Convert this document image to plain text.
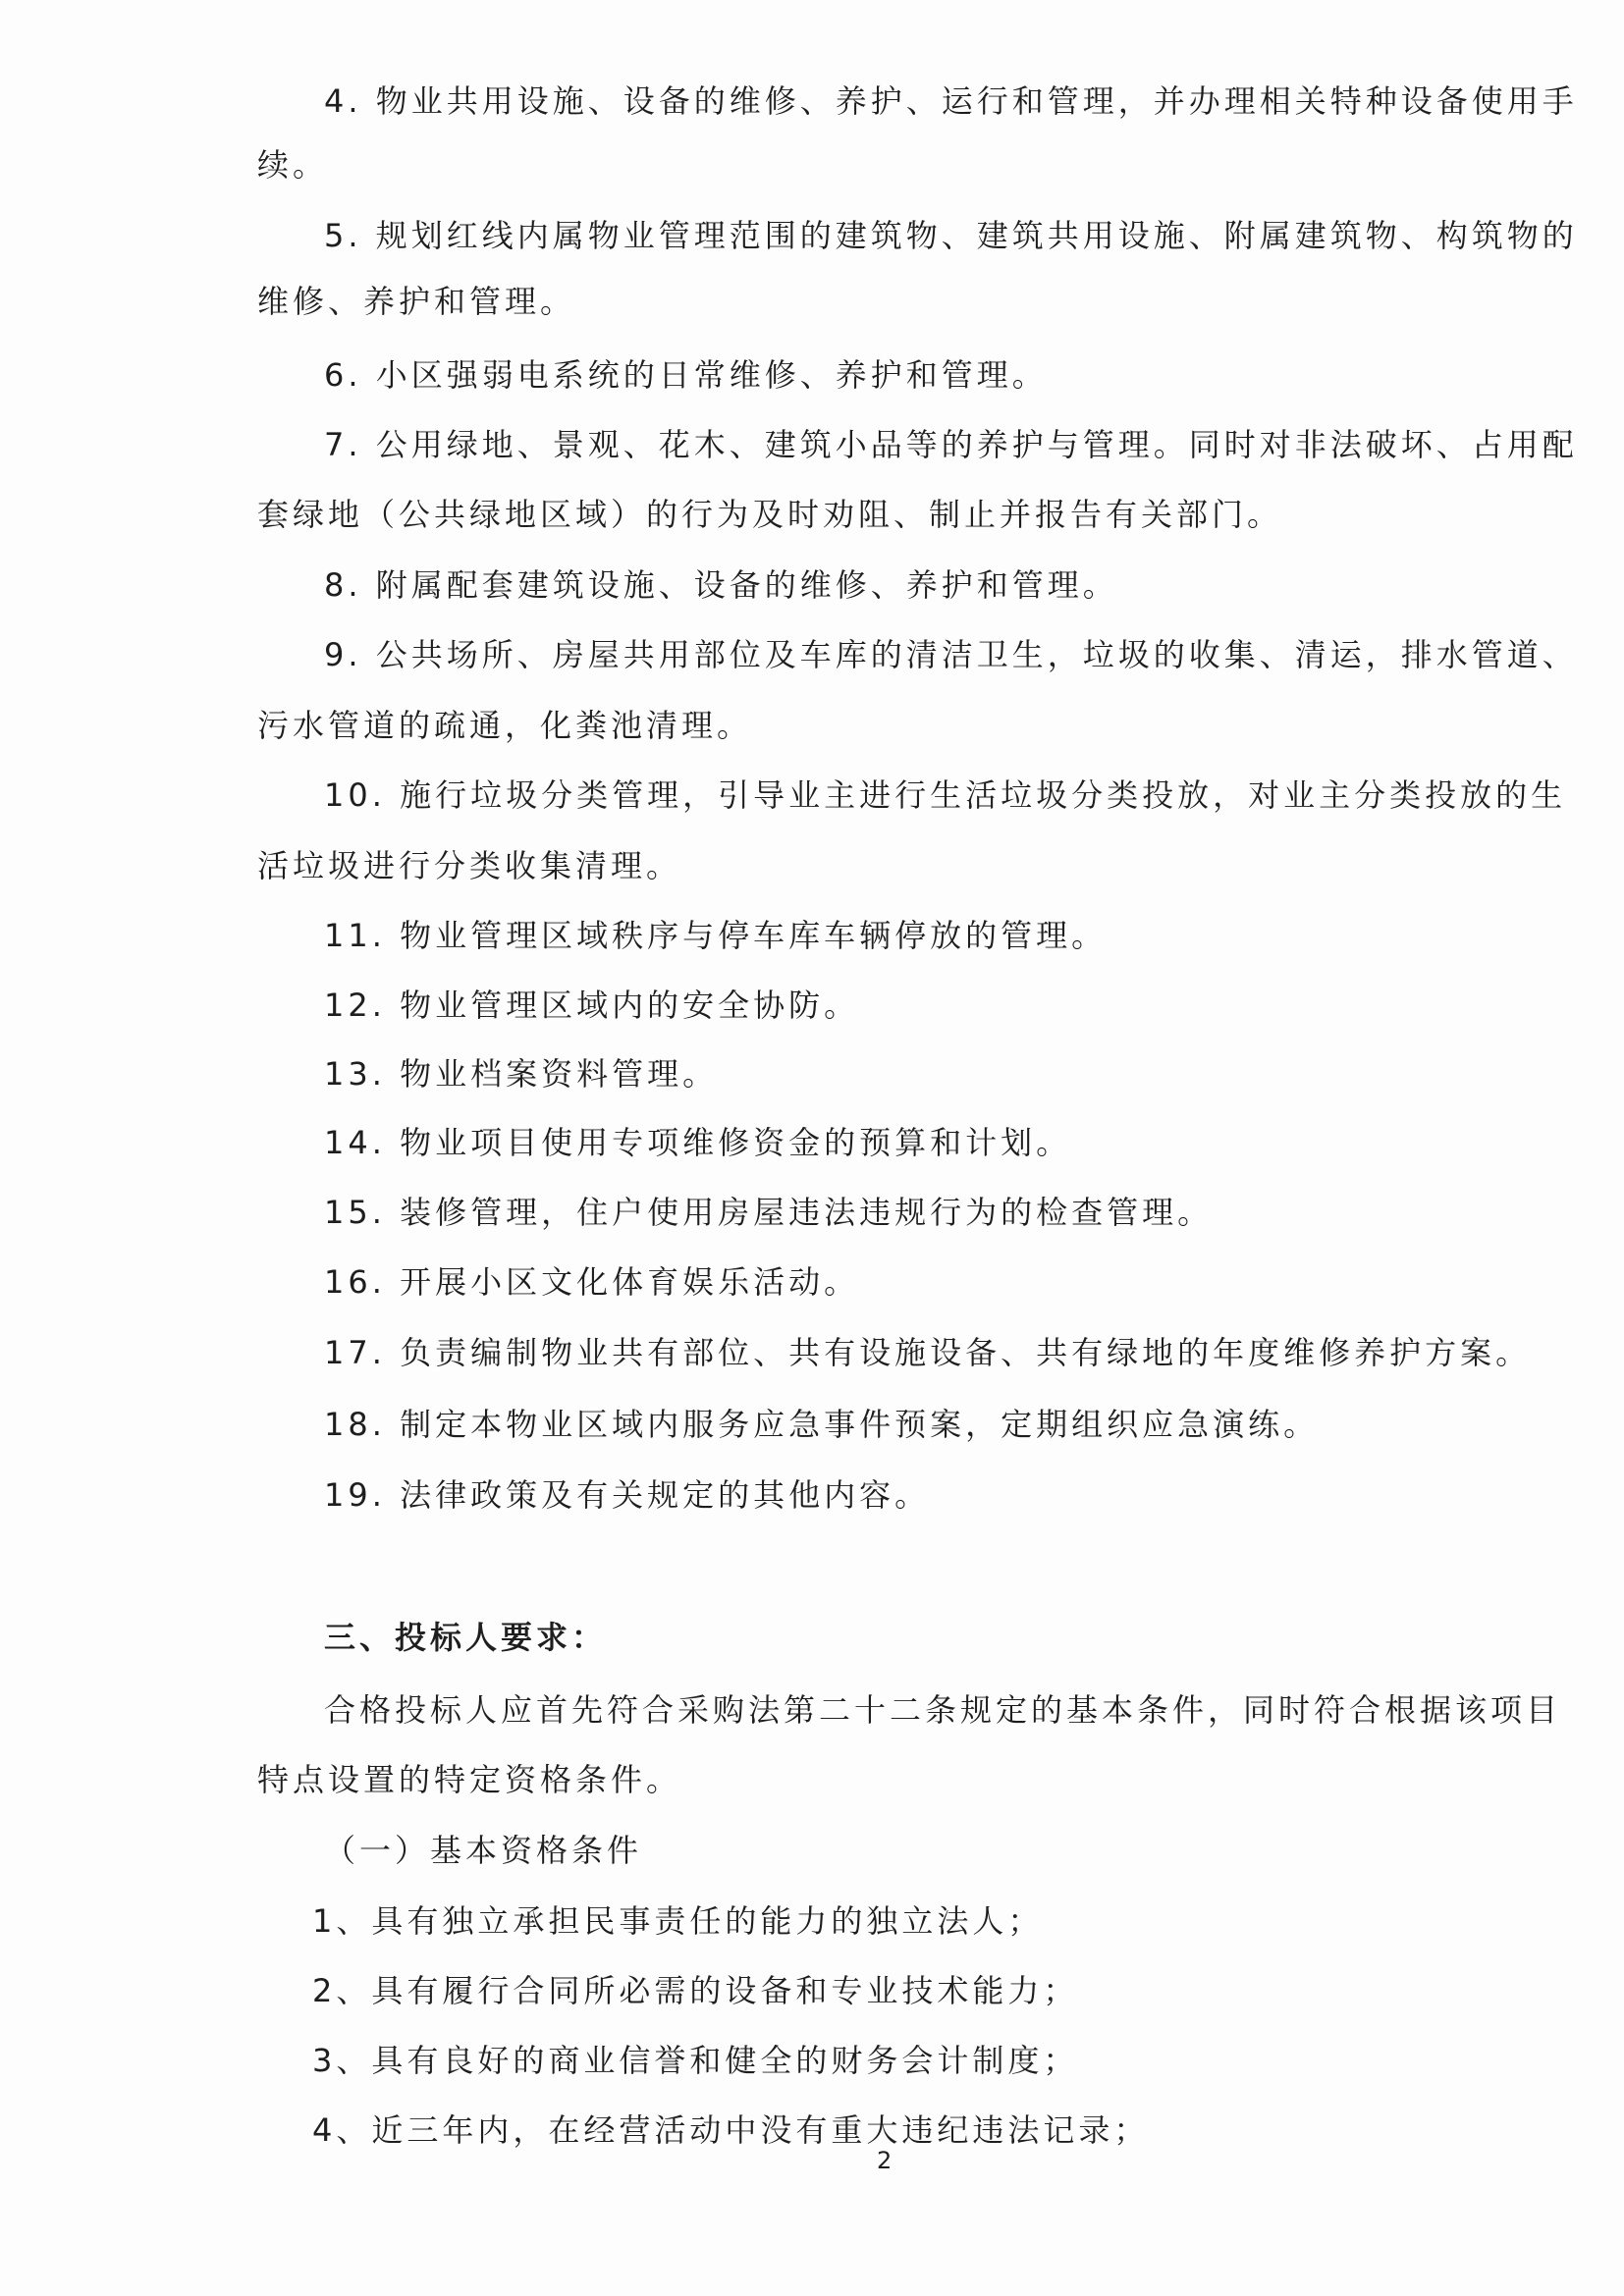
4. 物业共用设施、设备的维修、养护、运行和管理，并办理相关特种设备使用手

续。

5. 规划红线内属物业管理范围的建筑物、建筑共用设施、附属建筑物、构筑物的

维修、养护和管理。

6. 小区强弱电系统的日常维修、养护和管理。

7. 公用绿地、景观、花木、建筑小品等的养护与管理。同时对非法破坏、占用配

套绿地（公共绿地区域）的行为及时劝阻、制止并报告有关部门。

8. 附属配套建筑设施、设备的维修、养护和管理。

9. 公共场所、房屋共用部位及车库的清洁卫生，垃圾的收集、清运，排水管道、

污水管道的疏通，化粪池清理。

10. 施行垃圾分类管理，引导业主进行生活垃圾分类投放，对业主分类投放的生

活垃圾进行分类收集清理。

11. 物业管理区域秩序与停车库车辆停放的管理。

12. 物业管理区域内的安全协防。

13. 物业档案资料管理。

14. 物业项目使用专项维修资金的预算和计划。

15. 装修管理，住户使用房屋违法违规行为的检查管理。

16. 开展小区文化体育娱乐活动。

17. 负责编制物业共有部位、共有设施设备、共有绿地的年度维修养护方案。

18. 制定本物业区域内服务应急事件预案，定期组织应急演练。

19. 法律政策及有关规定的其他内容。

三、投标人要求：

合格投标人应首先符合采购法第二十二条规定的基本条件，同时符合根据该项目

特点设置的特定资格条件。

（一）基本资格条件

1、具有独立承担民事责任的能力的独立法人；

2、具有履行合同所必需的设备和专业技术能力；

3、具有良好的商业信誉和健全的财务会计制度；

4、近三年内，在经营活动中没有重大违纪违法记录；

2
